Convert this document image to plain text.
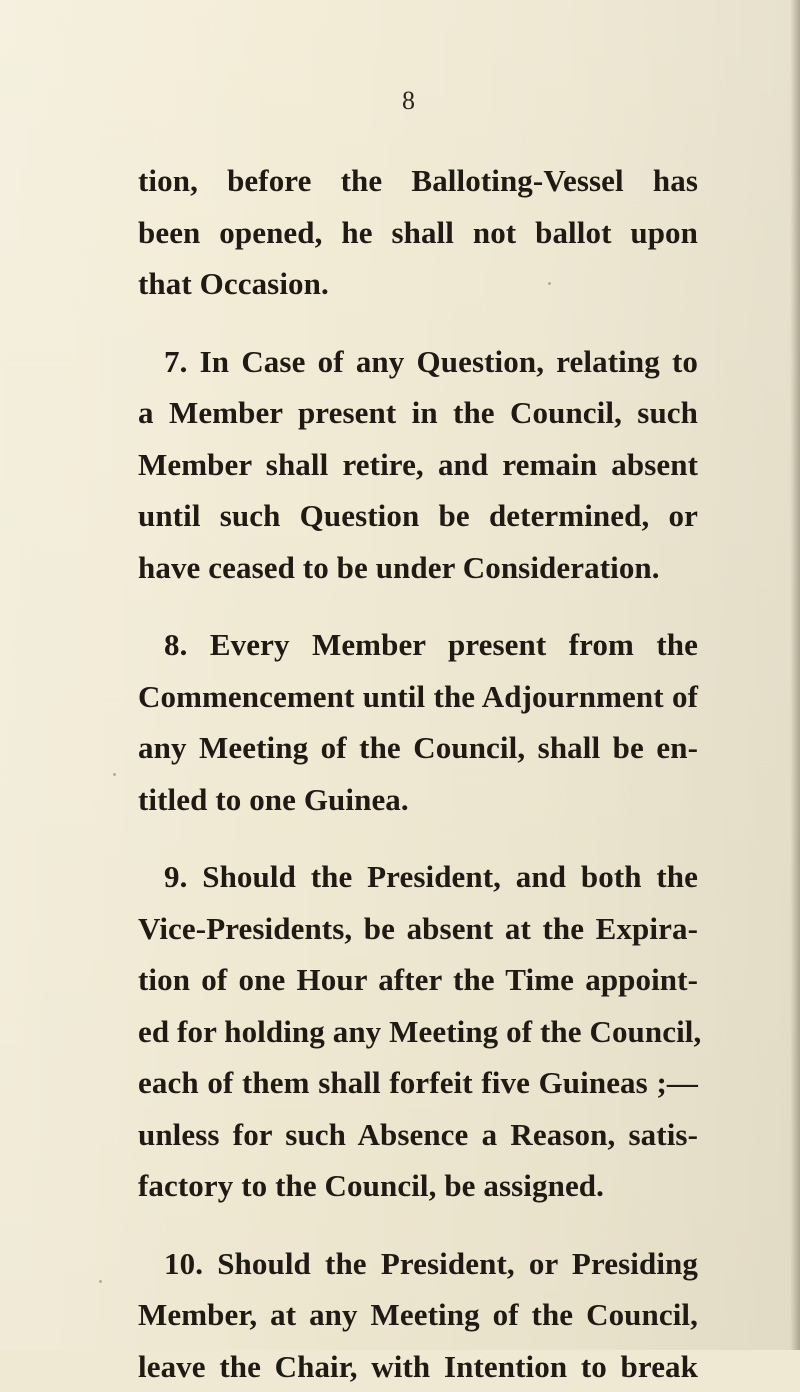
8
tion, before the Balloting-Vessel has
been opened, he shall not ballot upon
that Occasion.
7. In Case of any Question, relating to
a Member present in the Council, such
Member shall retire, and remain absent
until such Question be determined, or
have ceased to be under Consideration.
8. Every Member present from the
Commencement until the Adjournment of
any Meeting of the Council, shall be en-
titled to one Guinea.
9. Should the President, and both the
Vice-Presidents, be absent at the Expira-
tion of one Hour after the Time appoint-
ed for holding any Meeting of the Council,
each of them shall forfeit five Guineas ;—
unless for such Absence a Reason, satis-
factory to the Council, be assigned.
10. Should the President, or Presiding
Member, at any Meeting of the Council,
leave the Chair, with Intention to break
